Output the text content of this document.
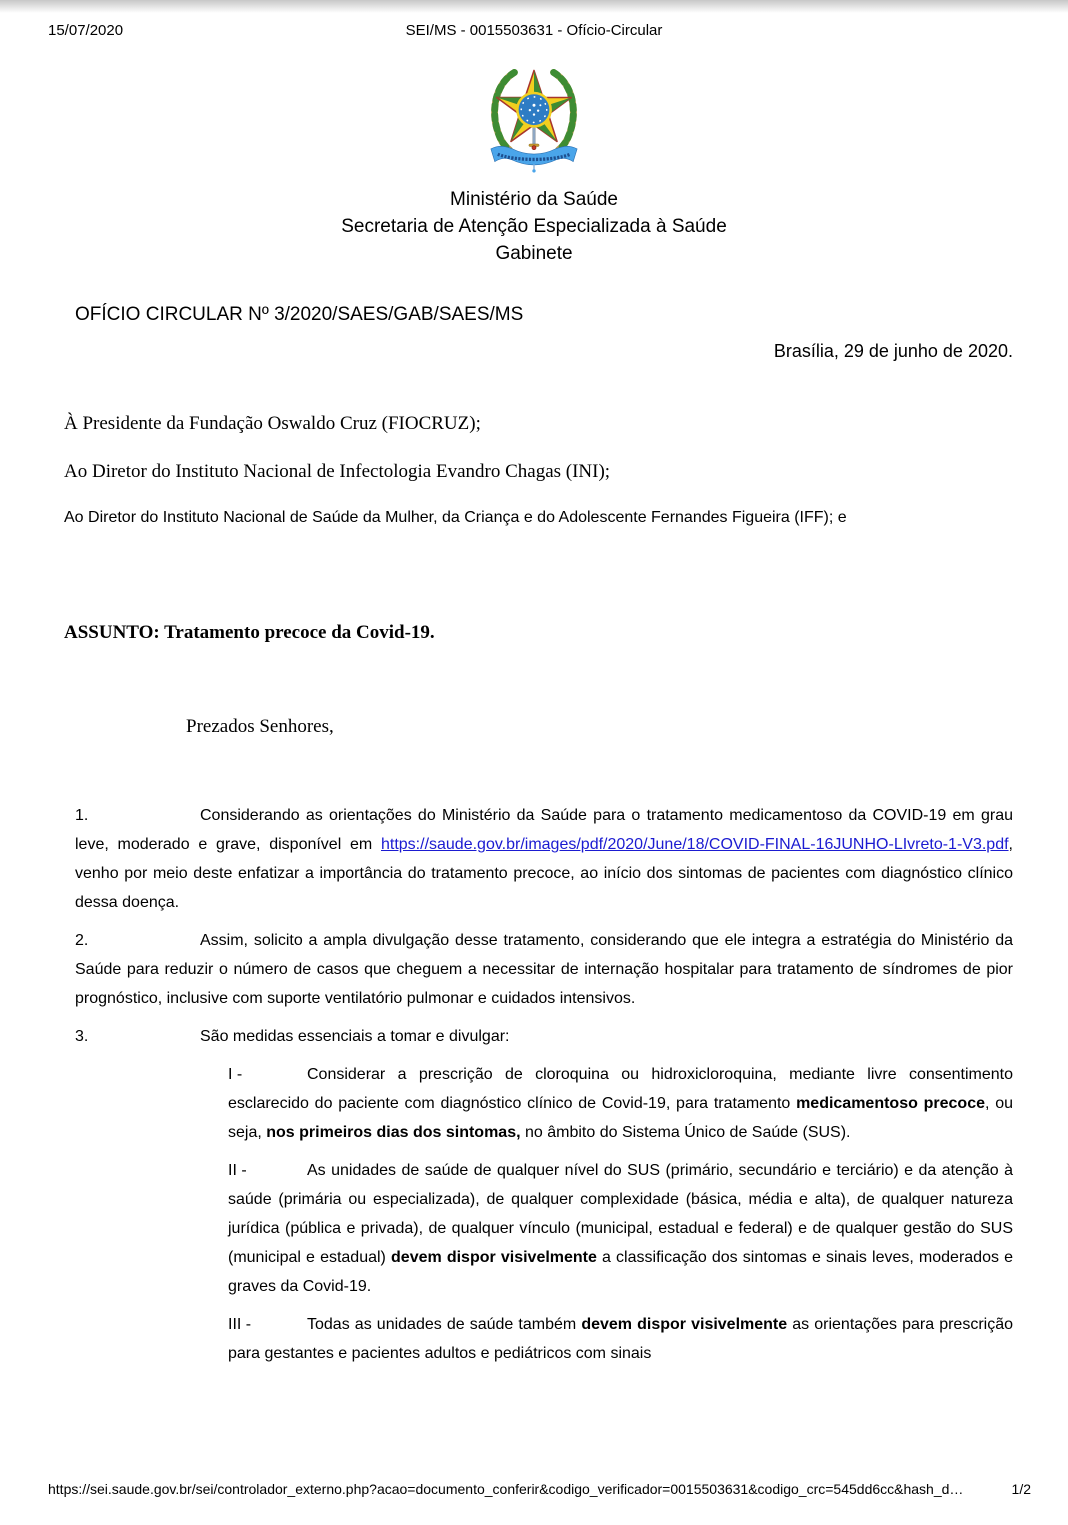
15/07/2020	SEI/MS - 0015503631 - Ofício-Circular
Ministério da Saúde
Secretaria de Atenção Especializada à Saúde
Gabinete
OFÍCIO CIRCULAR Nº 3/2020/SAES/GAB/SAES/MS
Brasília, 29 de junho de 2020.
À Presidente da Fundação Oswaldo Cruz (FIOCRUZ);
Ao Diretor do Instituto Nacional de Infectologia Evandro Chagas (INI);
Ao Diretor do Instituto Nacional de Saúde da Mulher, da Criança e do Adolescente Fernandes Figueira (IFF); e
ASSUNTO: Tratamento precoce da Covid-19.
Prezados Senhores,

1.	Considerando as orientações do Ministério da Saúde para o tratamento medicamentoso da COVID-19 em grau leve, moderado e grave, disponível em https://saude.gov.br/images/pdf/2020/June/18/COVID-FINAL-16JUNHO-LIvreto-1-V3.pdf, venho por meio deste enfatizar a importância do tratamento precoce, ao início dos sintomas de pacientes com diagnóstico clínico dessa doença.

2.	Assim, solicito a ampla divulgação desse tratamento, considerando que ele integra a estratégia do Ministério da Saúde para reduzir o número de casos que cheguem a necessitar de internação hospitalar para tratamento de síndromes de pior prognóstico, inclusive com suporte ventilatório pulmonar e cuidados intensivos.

3.	São medidas essenciais a tomar e divulgar:

I -	Considerar a prescrição de cloroquina ou hidroxicloroquina, mediante livre consentimento esclarecido do paciente com diagnóstico clínico de Covid-19, para tratamento medicamentoso precoce, ou seja, nos primeiros dias dos sintomas, no âmbito do Sistema Único de Saúde (SUS).

II -	As unidades de saúde de qualquer nível do SUS (primário, secundário e terciário) e da atenção à saúde (primária ou especializada), de qualquer complexidade (básica, média e alta), de qualquer natureza jurídica (pública e privada), de qualquer vínculo (municipal, estadual e federal) e de qualquer gestão do SUS (municipal e estadual) devem dispor visivelmente a classificação dos sintomas e sinais leves, moderados e graves da Covid-19.

III -	Todas as unidades de saúde também devem dispor visivelmente as orientações para prescrição para gestantes e pacientes adultos e pediátricos com sinais

https://sei.saude.gov.br/sei/controlador_externo.php?acao=documento_conferir&codigo_verificador=0015503631&codigo_crc=545dd6cc&hash_d…	1/2
